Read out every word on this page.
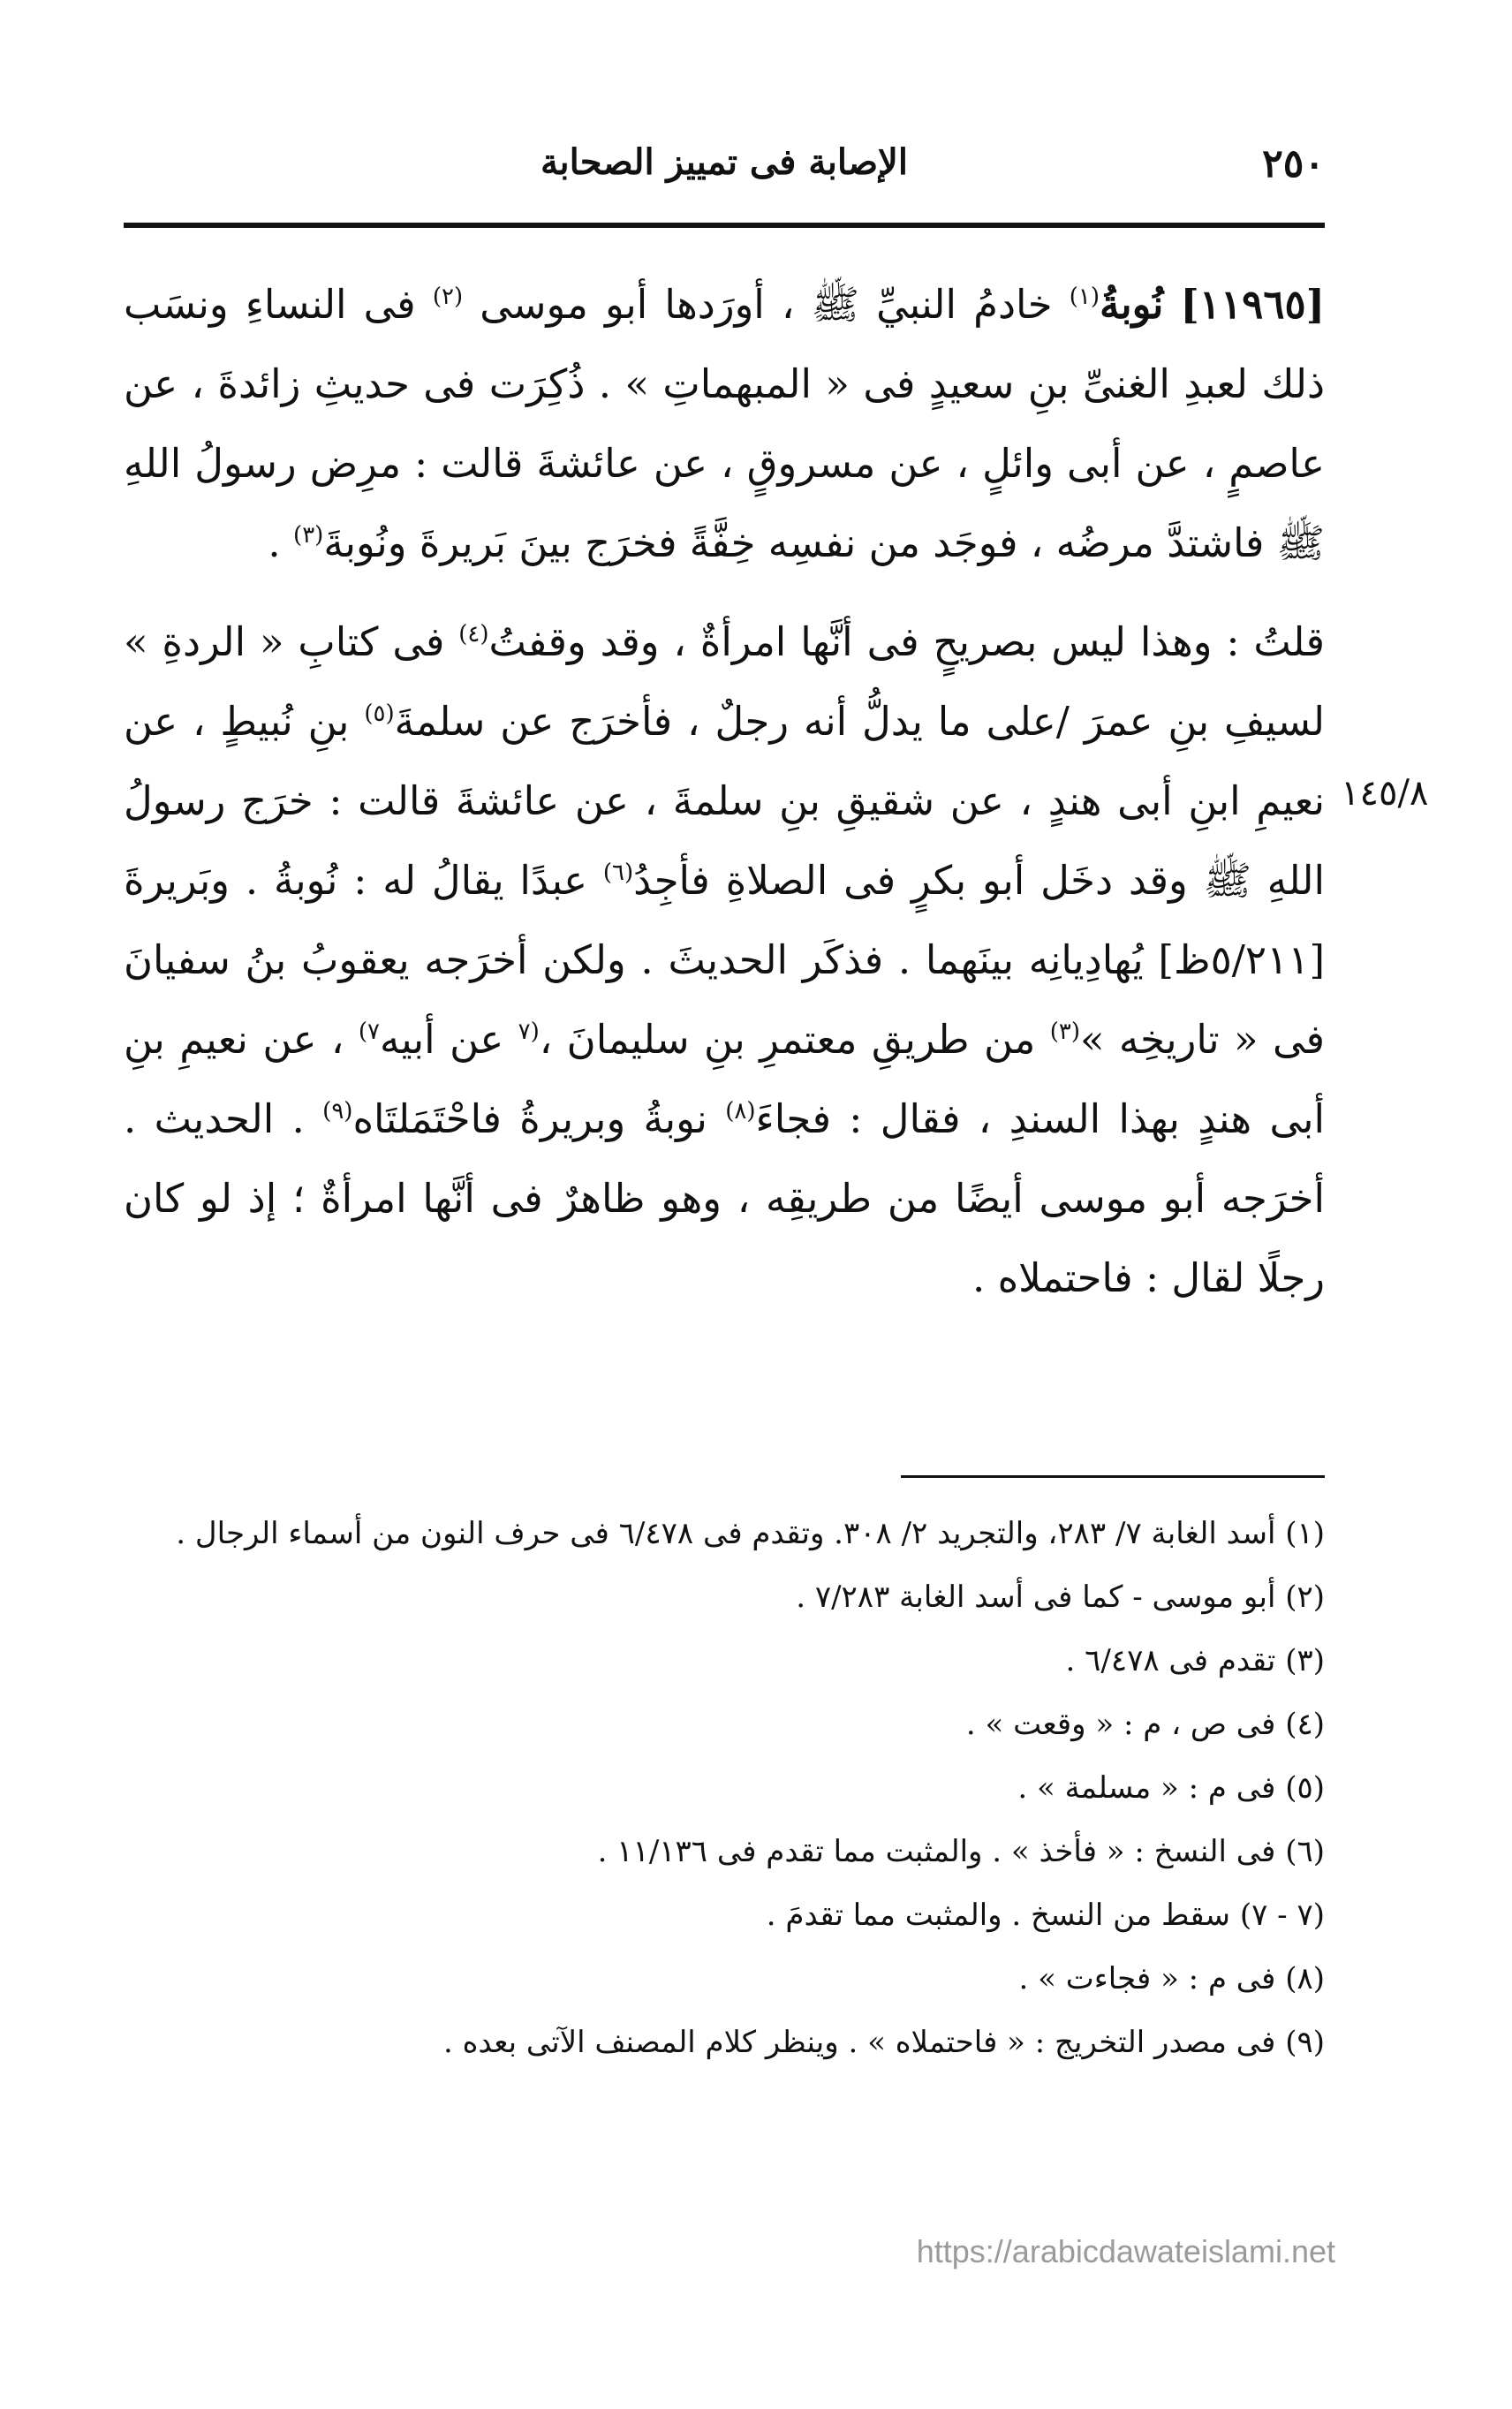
٢٥٠
الإصابة فى تمييز الصحابة

[١١٩٦٥] نُوبةُ$^{(١)}$ خادمُ النبيِّ ﷺ ، أورَدها أبو موسى $^{(٢)}$ فى النساءِ ونسَب ذلك لعبدِ الغنىِّ بنِ سعيدٍ فى « المبهماتِ » . ذُكِرَت فى حديثِ زائدةَ ، عن عاصمٍ ، عن أبى وائلٍ ، عن مسروقٍ ، عن عائشةَ قالت : مرِض رسولُ اللهِ ﷺ فاشتدَّ مرضُه ، فوجَد من نفسِه خِفَّةً فخرَج بينَ بَريرةَ ونُوبةَ$^{(٣)}$ .

قلتُ : وهذا ليس بصريحٍ فى أنَّها امرأةٌ ، وقد وقفتُ$^{(٤)}$ فى كتابِ « الردةِ » لسيفِ بنِ عمرَ /على ما يدلُّ أنه رجلٌ ، فأخرَج عن سلمةَ$^{(٥)}$ بنِ نُبيطٍ ، عن نعيمِ ابنِ أبى هندٍ ، عن شقيقِ بنِ سلمةَ ، عن عائشةَ قالت : خرَج رسولُ اللهِ ﷺ وقد دخَل أبو بكرٍ فى الصلاةِ فأجِدُ$^{(٦)}$ عبدًا يقالُ له : نُوبةُ . وبَريرةَ [٥/٢١١ظ] يُهادِيانِه بينَهما . فذكَر الحديثَ . ولكن أخرَجه يعقوبُ بنُ سفيانَ فى « تاريخِه »$^{(٣)}$ من طريقِ معتمرِ بنِ سليمانَ ،$^{(٧}$ عن أبيه$^{٧)}$ ، عن نعيمِ بنِ أبى هندٍ بهذا السندِ ، فقال : فجاءَ$^{(٨)}$ نوبةُ وبريرةُ فاحْتَمَلتَاه$^{(٩)}$ . الحديث . أخرَجه أبو موسى أيضًا من طريقِه ، وهو ظاهرٌ فى أنَّها امرأةٌ ؛ إذ لو كان رجلًا لقال : فاحتملاه .

١٤٥/٨
(١) أسد الغابة ٧/ ٢٨٣، والتجريد ٢/ ٣٠٨. وتقدم فى ٦/٤٧٨ فى حرف النون من أسماء الرجال .
(٢) أبو موسى - كما فى أسد الغابة ٧/٢٨٣ .
(٣) تقدم فى ٦/٤٧٨ .
(٤) فى ص ، م : « وقعت » .
(٥) فى م : « مسلمة » .
(٦) فى النسخ : « فأخذ » . والمثبت مما تقدم فى ١١/١٣٦ .
(٧ - ٧) سقط من النسخ . والمثبت مما تقدمَ .
(٨) فى م : « فجاءت » .
(٩) فى مصدر التخريج : « فاحتملاه » . وينظر كلام المصنف الآتى بعده .
https://arabicdawateislami.net
